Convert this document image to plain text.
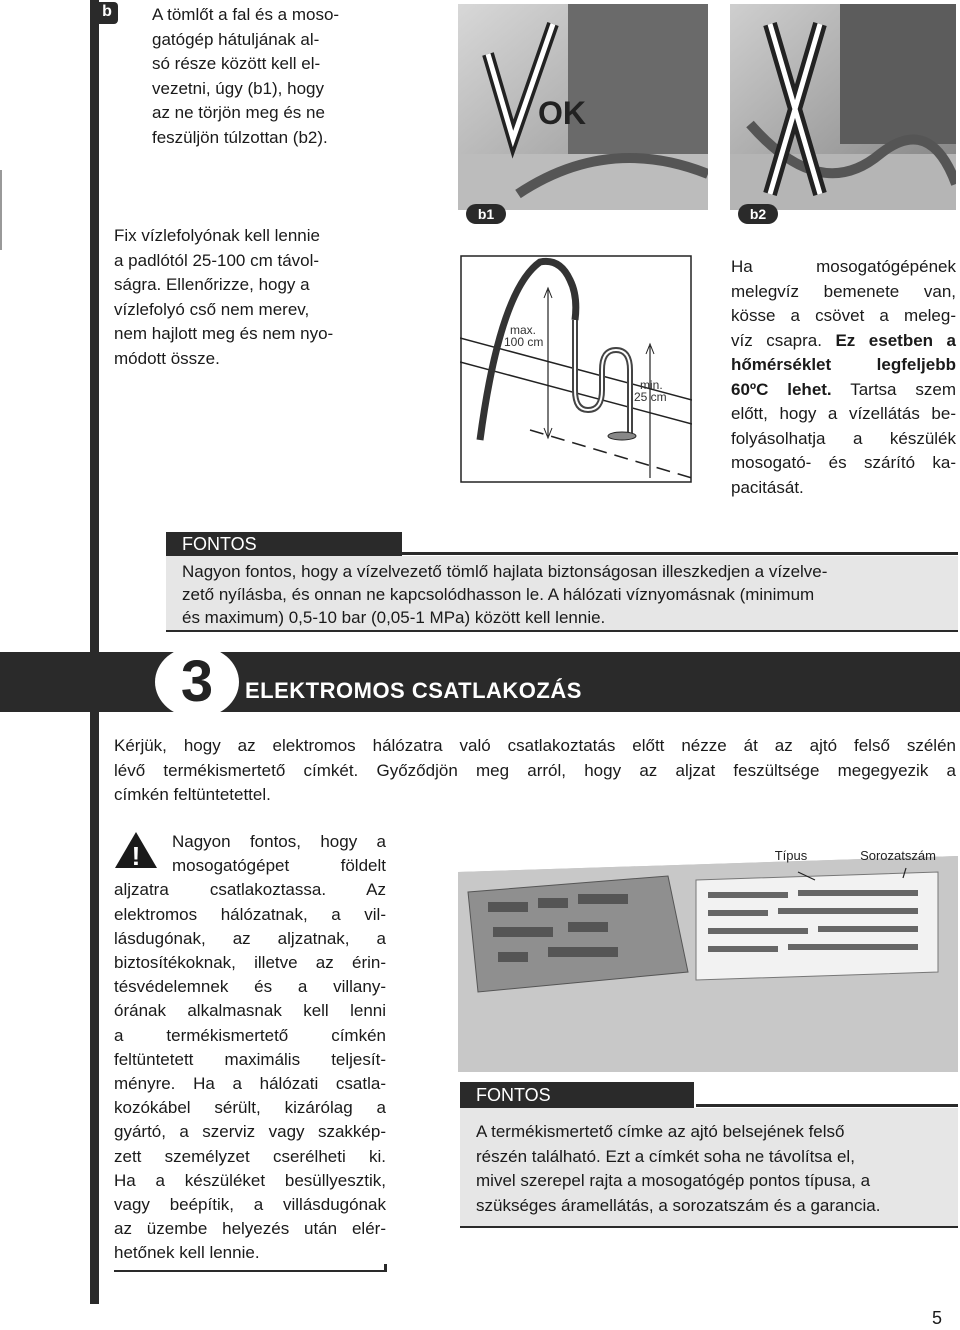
b	A tömlőt a fal és a moso-
gatógép hátuljának al-
só része között kell el-
vezetni, úgy (b1), hogy
az ne törjön meg és ne
feszüljön túlzottan (b2).
Fix vízlefolyónak kell lennie
a padlótól 25-100 cm távol-
ságra. Ellenőrizze, hogy a
vízlefolyó cső nem merev,
nem hajlott meg és nem nyo-
módott össze.
OK
b1	b2
max.
100 cm
min.
25 cm
Ha mosogatógépének
melegvíz bemenete van,
kösse a csövet a meleg-
víz csapra. Ez esetben a
hőmérséklet legfeljebb
60ºC lehet. Tartsa szem
előtt, hogy a vízellátás be-
folyásolhatja a készülék
mosogató- és szárító ka-
pacitását.
FONTOS
Nagyon fontos, hogy a vízelvezető tömlő hajlata biztonságosan illeszkedjen a vízelve-
zető nyílásba, és onnan ne kapcsolódhasson le. A hálózati víznyomásnak (minimum
és maximum) 0,5-10 bar (0,05-1 MPa) között kell lennie.
3	ELEKTROMOS CSATLAKOZÁS
Kérjük, hogy az elektromos hálózatra való csatlakoztatás előtt nézze át az ajtó felső szélén
lévő termékismertető címkét. Győződjön meg arról, hogy az aljzat feszültsége megegyezik a
címkén feltüntetettel.
!	Nagyon fontos, hogy a
mosogatógépet földelt
aljzatra csatlakoztassa. Az
elektromos hálózatnak, a vil-
lásdugónak, az aljzatnak, a
biztosítékoknak, illetve az érin-
tésvédelemnek és a villany-
órának alkalmasnak kell lenni
a termékismertető címkén
feltüntetett maximális teljesít-
ményre. Ha a hálózati csatla-
kozókábel sérült, kizárólag a
gyártó, a szerviz vagy szakkép-
zett személyzet cserélheti ki.
Ha a készüléket besüllyesztik,
vagy beépítik, a villásdugónak
az üzembe helyezés után elér-
hetőnek kell lennie.
Típus	Sorozatszám
FONTOS
A termékismertető címke az ajtó belsejének felső
részén található. Ezt a címkét soha ne távolítsa el,
mivel szerepel rajta a mosogatógép pontos típusa, a
szükséges áramellátás, a sorozatszám és a garancia.
5
